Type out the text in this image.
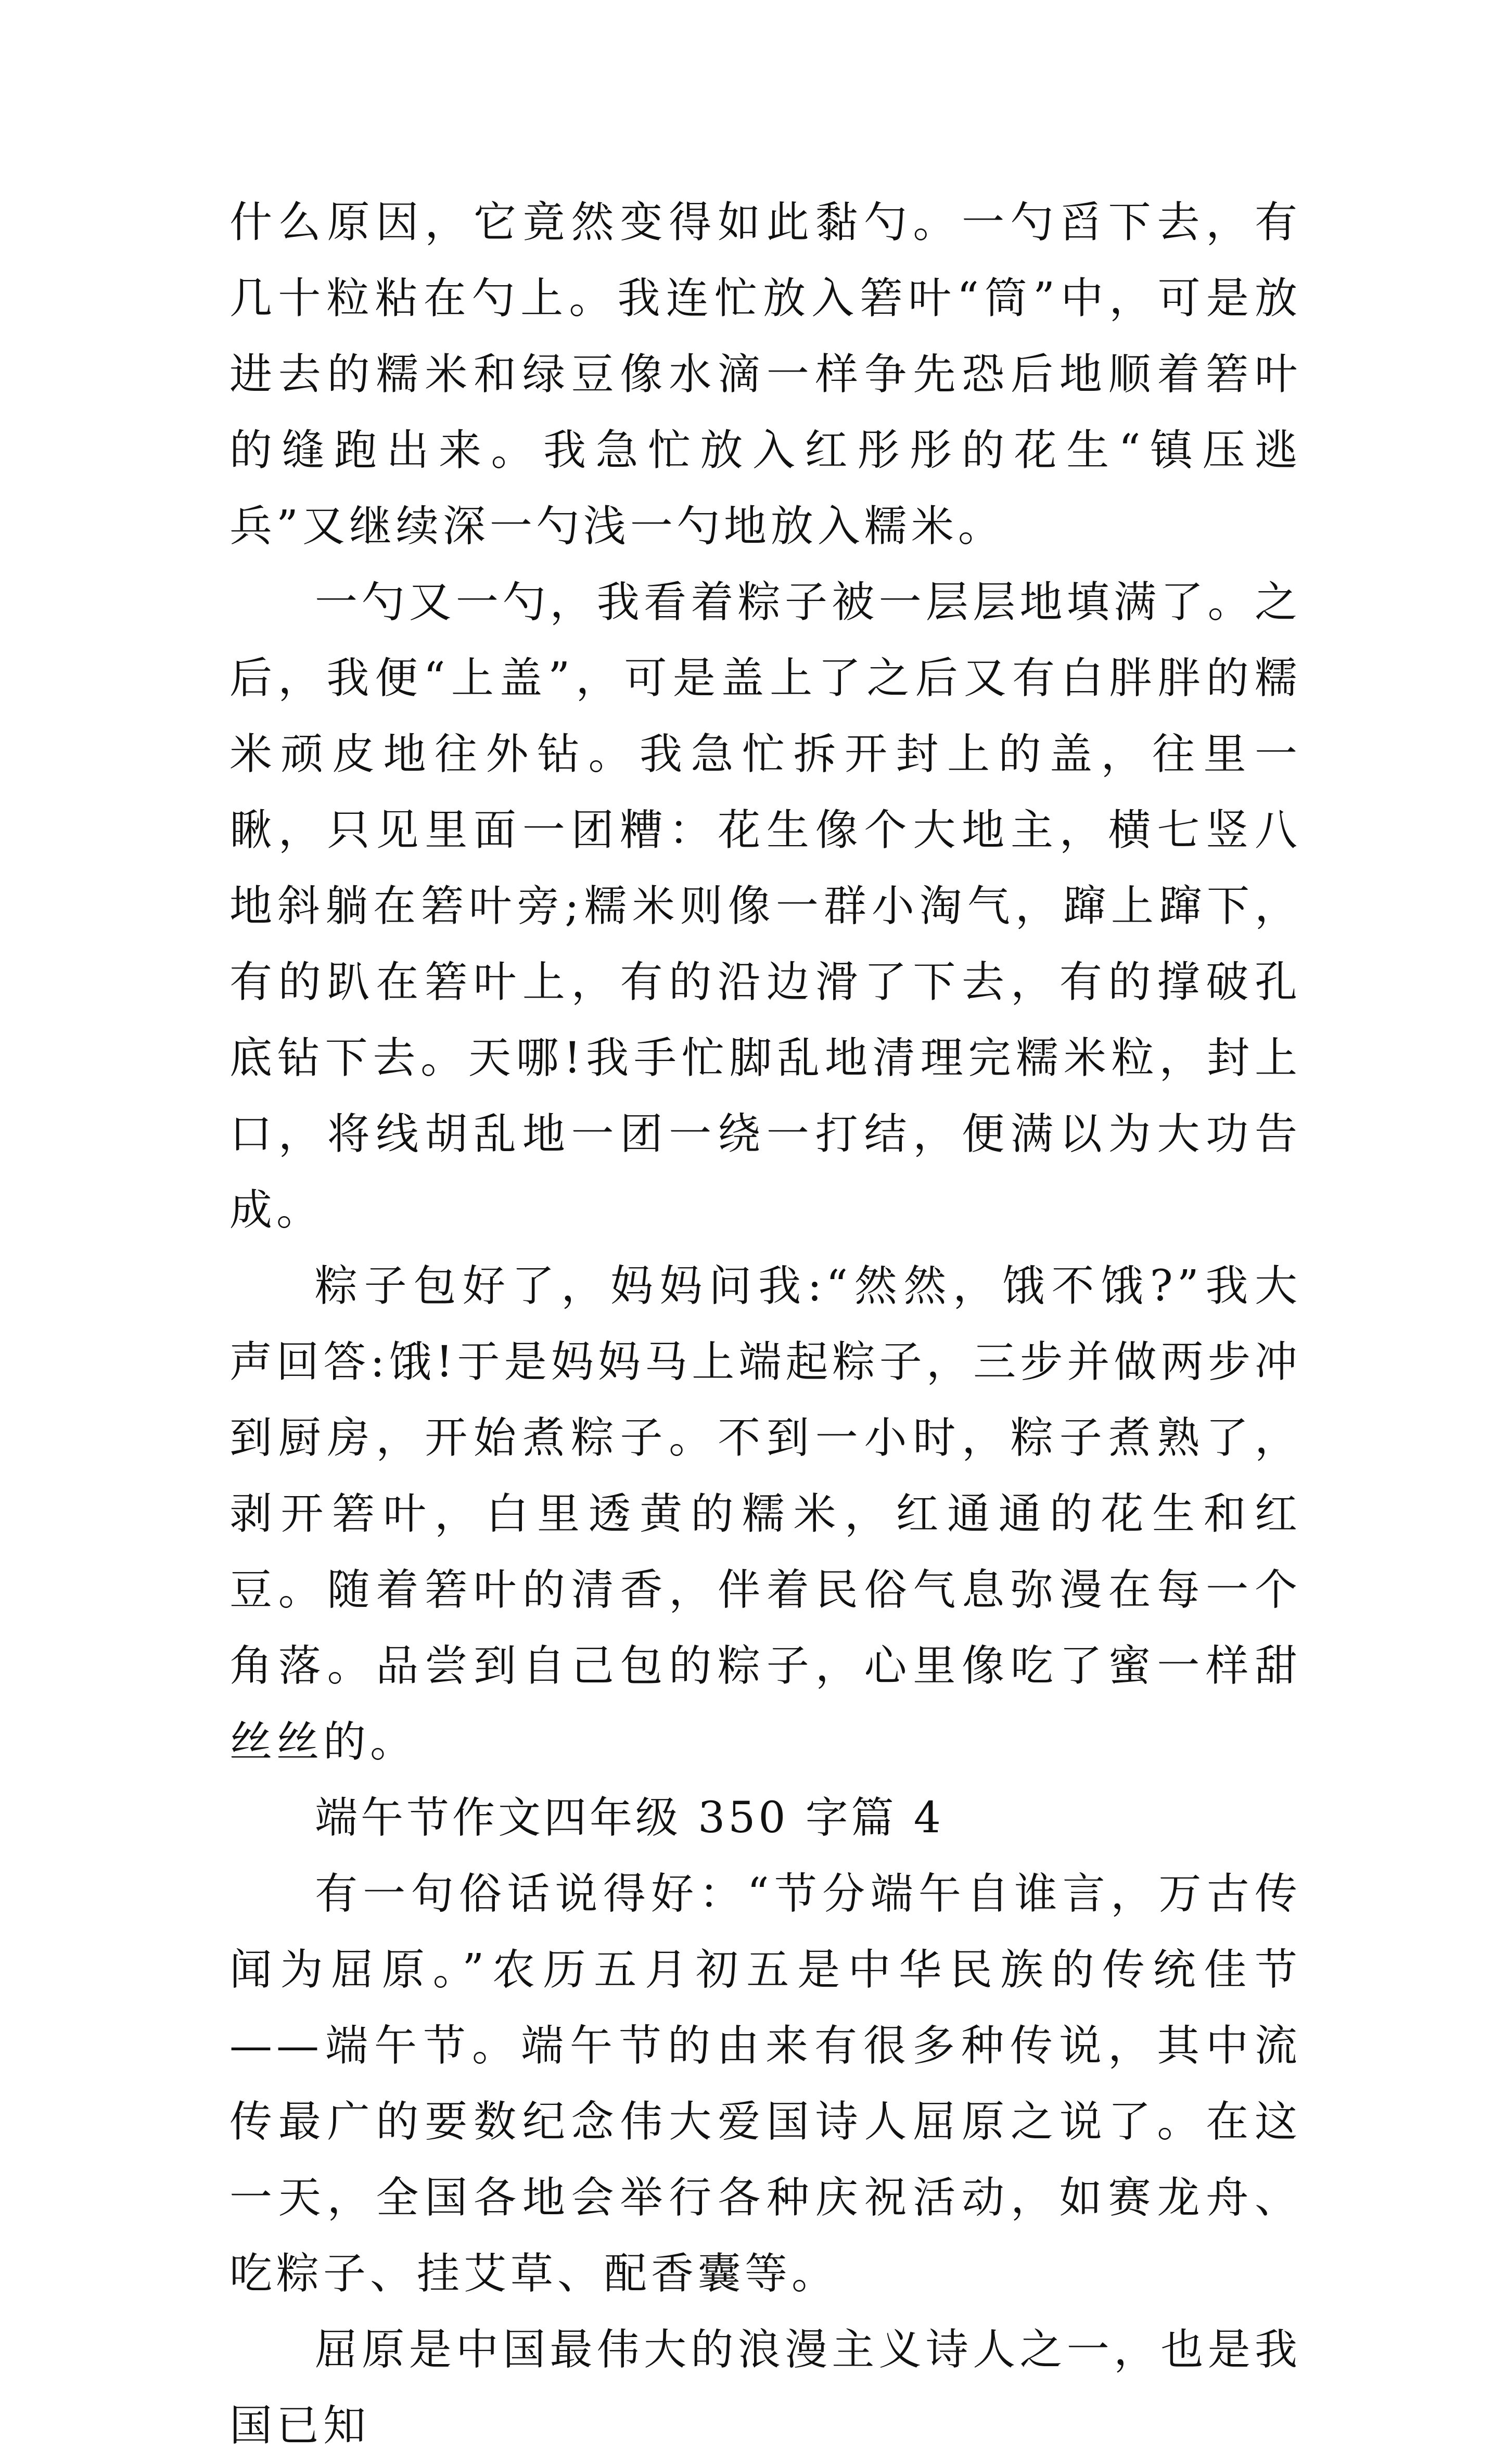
什么原因，它竟然变得如此黏勺。一勺舀下去，有几十粒粘在勺上。我连忙放入箬叶“筒”中，可是放进去的糯米和绿豆像水滴一样争先恐后地顺着箬叶的缝跑出来。我急忙放入红彤彤的花生“镇压逃兵”又继续深一勺浅一勺地放入糯米。

一勺又一勺，我看着粽子被一层层地填满了。之后，我便“上盖”，可是盖上了之后又有白胖胖的糯米顽皮地往外钻。我急忙拆开封上的盖，往里一瞅，只见里面一团糟：花生像个大地主，横七竖八地斜躺在箬叶旁;糯米则像一群小淘气，蹿上蹿下，有的趴在箬叶上，有的沿边滑了下去，有的撑破孔底钻下去。天哪!我手忙脚乱地清理完糯米粒，封上口，将线胡乱地一团一绕一打结，便满以为大功告成。

粽子包好了，妈妈问我:“然然，饿不饿?”我大声回答:饿!于是妈妈马上端起粽子，三步并做两步冲到厨房，开始煮粽子。不到一小时，粽子煮熟了，剥开箬叶，白里透黄的糯米，红通通的花生和红豆。随着箬叶的清香，伴着民俗气息弥漫在每一个角落。品尝到自己包的粽子，心里像吃了蜜一样甜丝丝的。

端午节作文四年级 350 字篇 4

有一句俗话说得好：“节分端午自谁言，万古传闻为屈原。”农历五月初五是中华民族的传统佳节——端午节。端午节的由来有很多种传说，其中流传最广的要数纪念伟大爱国诗人屈原之说了。在这一天，全国各地会举行各种庆祝活动，如赛龙舟、吃粽子、挂艾草、配香囊等。

屈原是中国最伟大的浪漫主义诗人之一，也是我国已知
